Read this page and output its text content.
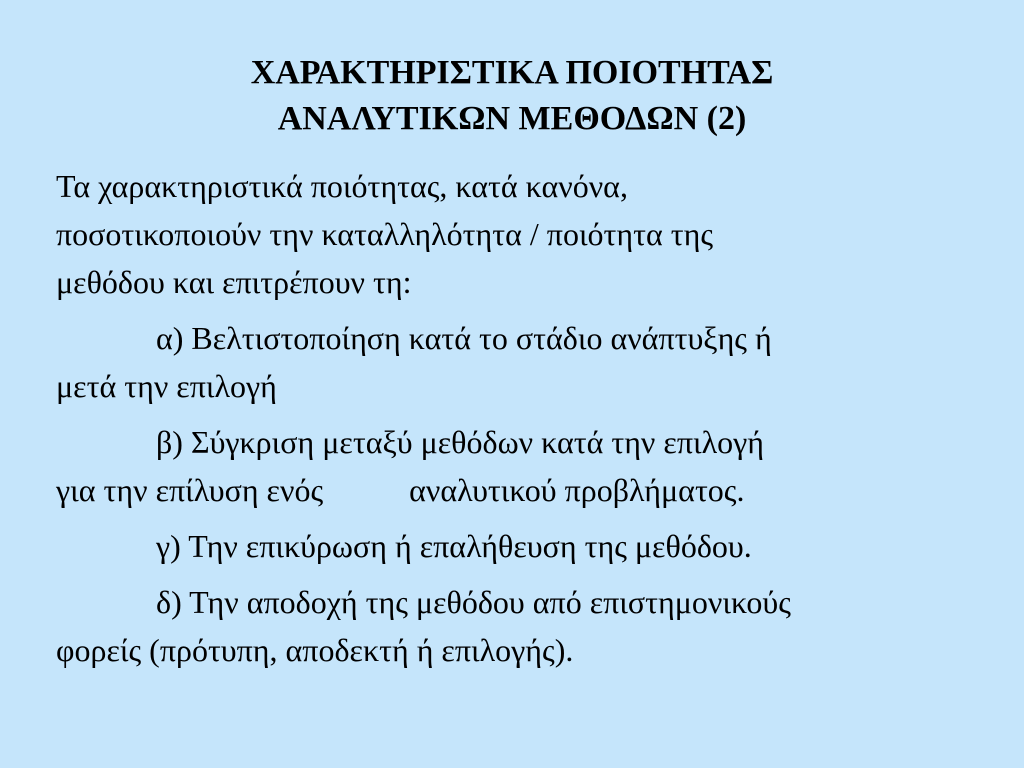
ΧΑΡΑΚΤΗΡΙΣΤΙΚΑ ΠΟΙΟΤΗΤΑΣ
ΑΝΑΛΥΤΙΚΩΝ ΜΕΘΟΔΩΝ (2)
Τα χαρακτηριστικά ποιότητας, κατά κανόνα,
ποσοτικοποιούν την καταλληλότητα / ποιότητα της
μεθόδου και επιτρέπουν τη:
α) Βελτιστοποίηση κατά το στάδιο ανάπτυξης ή
μετά την επιλογή
β) Σύγκριση μεταξύ μεθόδων κατά την επιλογή
για την επίλυση ενός	αναλυτικού προβλήματος.
γ) Την επικύρωση ή επαλήθευση της μεθόδου.
δ) Την αποδοχή της μεθόδου από επιστημονικούς
φορείς (πρότυπη, αποδεκτή ή επιλογής).
